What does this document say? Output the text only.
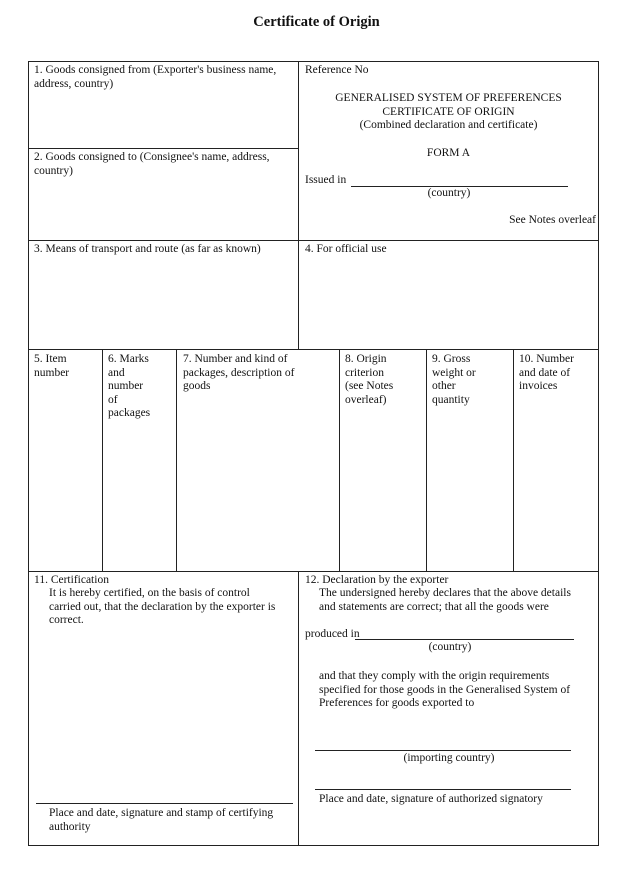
Certificate of Origin
1. Goods consigned from (Exporter's business name,
address, country)
Reference No
GENERALISED SYSTEM OF PREFERENCES
CERTIFICATE OF ORIGIN
(Combined declaration and certificate)
FORM A
Issued in
(country)
See Notes overleaf
2. Goods consigned to (Consignee's name, address,
country)
3. Means of transport and route (as far as known)	4. For official use
5. Item
number
6. Marks
and
number
of
packages
7. Number and kind of
packages, description of
goods
8. Origin
criterion
(see Notes
overleaf)
9. Gross
weight or
other
quantity
10. Number
and date of
invoices
11. Certification
It is hereby certified, on the basis of control
carried out, that the declaration by the exporter is
correct.
Place and date, signature and stamp of certifying
authority
12. Declaration by the exporter
The undersigned hereby declares that the above details
and statements are correct; that all the goods were
produced in
(country)
and that they comply with the origin requirements
specified for those goods in the Generalised System of
Preferences for goods exported to
(importing country)
Place and date, signature of authorized signatory
